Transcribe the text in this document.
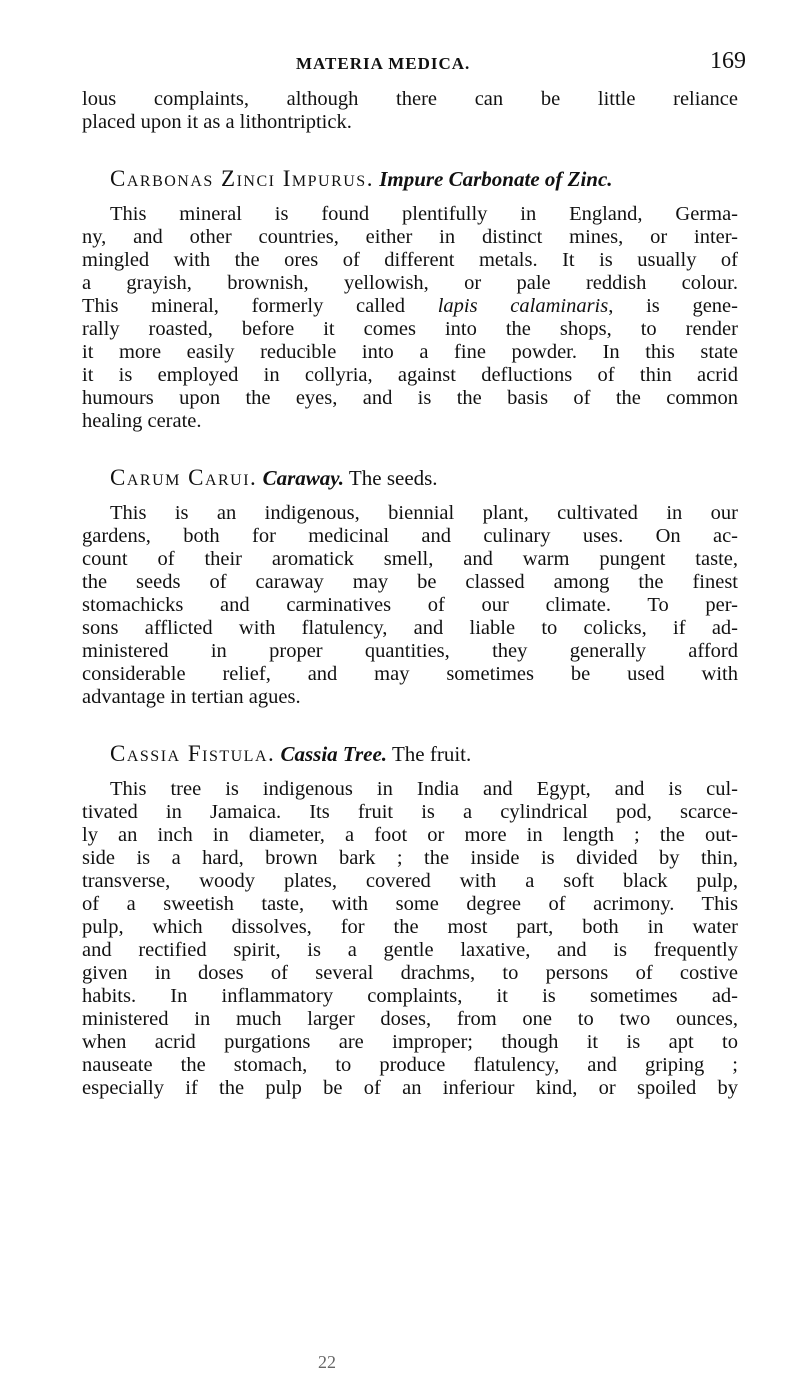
MATERIA MEDICA.	169

lous complaints, although there can be little reliance
placed upon it as a lithontriptick.

Carbonas Zinci Impurus. Impure Carbonate of Zinc.

This mineral is found plentifully in England, Germa-
ny, and other countries, either in distinct mines, or inter-
mingled with the ores of different metals. It is usually of
a grayish, brownish, yellowish, or pale reddish colour.
This mineral, formerly called lapis calaminaris, is gene-
rally roasted, before it comes into the shops, to render
it more easily reducible into a fine powder. In this state
it is employed in collyria, against defluctions of thin acrid
humours upon the eyes, and is the basis of the common
healing cerate.

Carum Carui. Caraway. The seeds.

This is an indigenous, biennial plant, cultivated in our
gardens, both for medicinal and culinary uses. On ac-
count of their aromatick smell, and warm pungent taste,
the seeds of caraway may be classed among the finest
stomachicks and carminatives of our climate. To per-
sons afflicted with flatulency, and liable to colicks, if ad-
ministered in proper quantities, they generally afford
considerable relief, and may sometimes be used with
advantage in tertian agues.

Cassia Fistula. Cassia Tree. The fruit.

This tree is indigenous in India and Egypt, and is cul-
tivated in Jamaica. Its fruit is a cylindrical pod, scarce-
ly an inch in diameter, a foot or more in length ; the out-
side is a hard, brown bark ; the inside is divided by thin,
transverse, woody plates, covered with a soft black pulp,
of a sweetish taste, with some degree of acrimony. This
pulp, which dissolves, for the most part, both in water
and rectified spirit, is a gentle laxative, and is frequently
given in doses of several drachms, to persons of costive
habits. In inflammatory complaints, it is sometimes ad-
ministered in much larger doses, from one to two ounces,
when acrid purgations are improper; though it is apt to
nauseate the stomach, to produce flatulency, and griping ;
especially if the pulp be of an inferiour kind, or spoiled by

22
